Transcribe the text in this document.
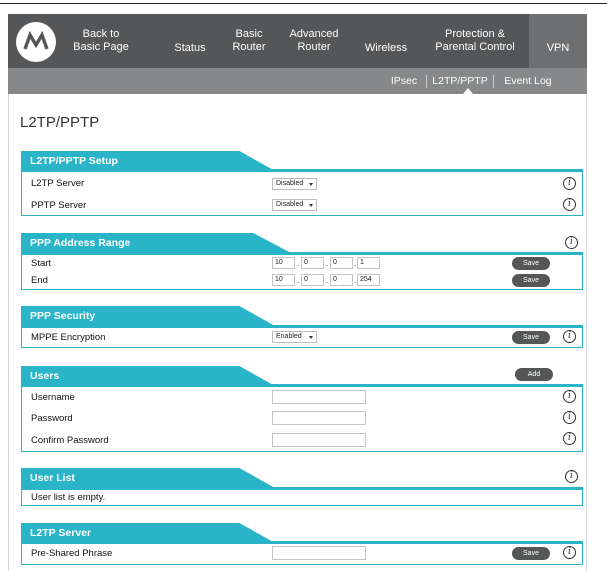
Back to
Basic Page	Status
Basic
Router
Advanced
Router	Wireless
Protection &
Parental Control	VPN
IPsec	L2TP/PPTP	Event Log
L2TP/PPTP
L2TP/PPTP Setup
L2TP Server	Disabled	i
PPTP Server	Disabled	i
PPP Address Range	i
Start	10	. 0	. 0	. 1	Save
End	10	. 0	. 0	. 254	Save
PPP Security
MPPE Encryption	Enabled	Save	i
Users	Add
Username	i
Password	i
Confirm Password	i
User List	i
User list is empty.
L2TP Server
Pre-Shared Phrase	Save	i
